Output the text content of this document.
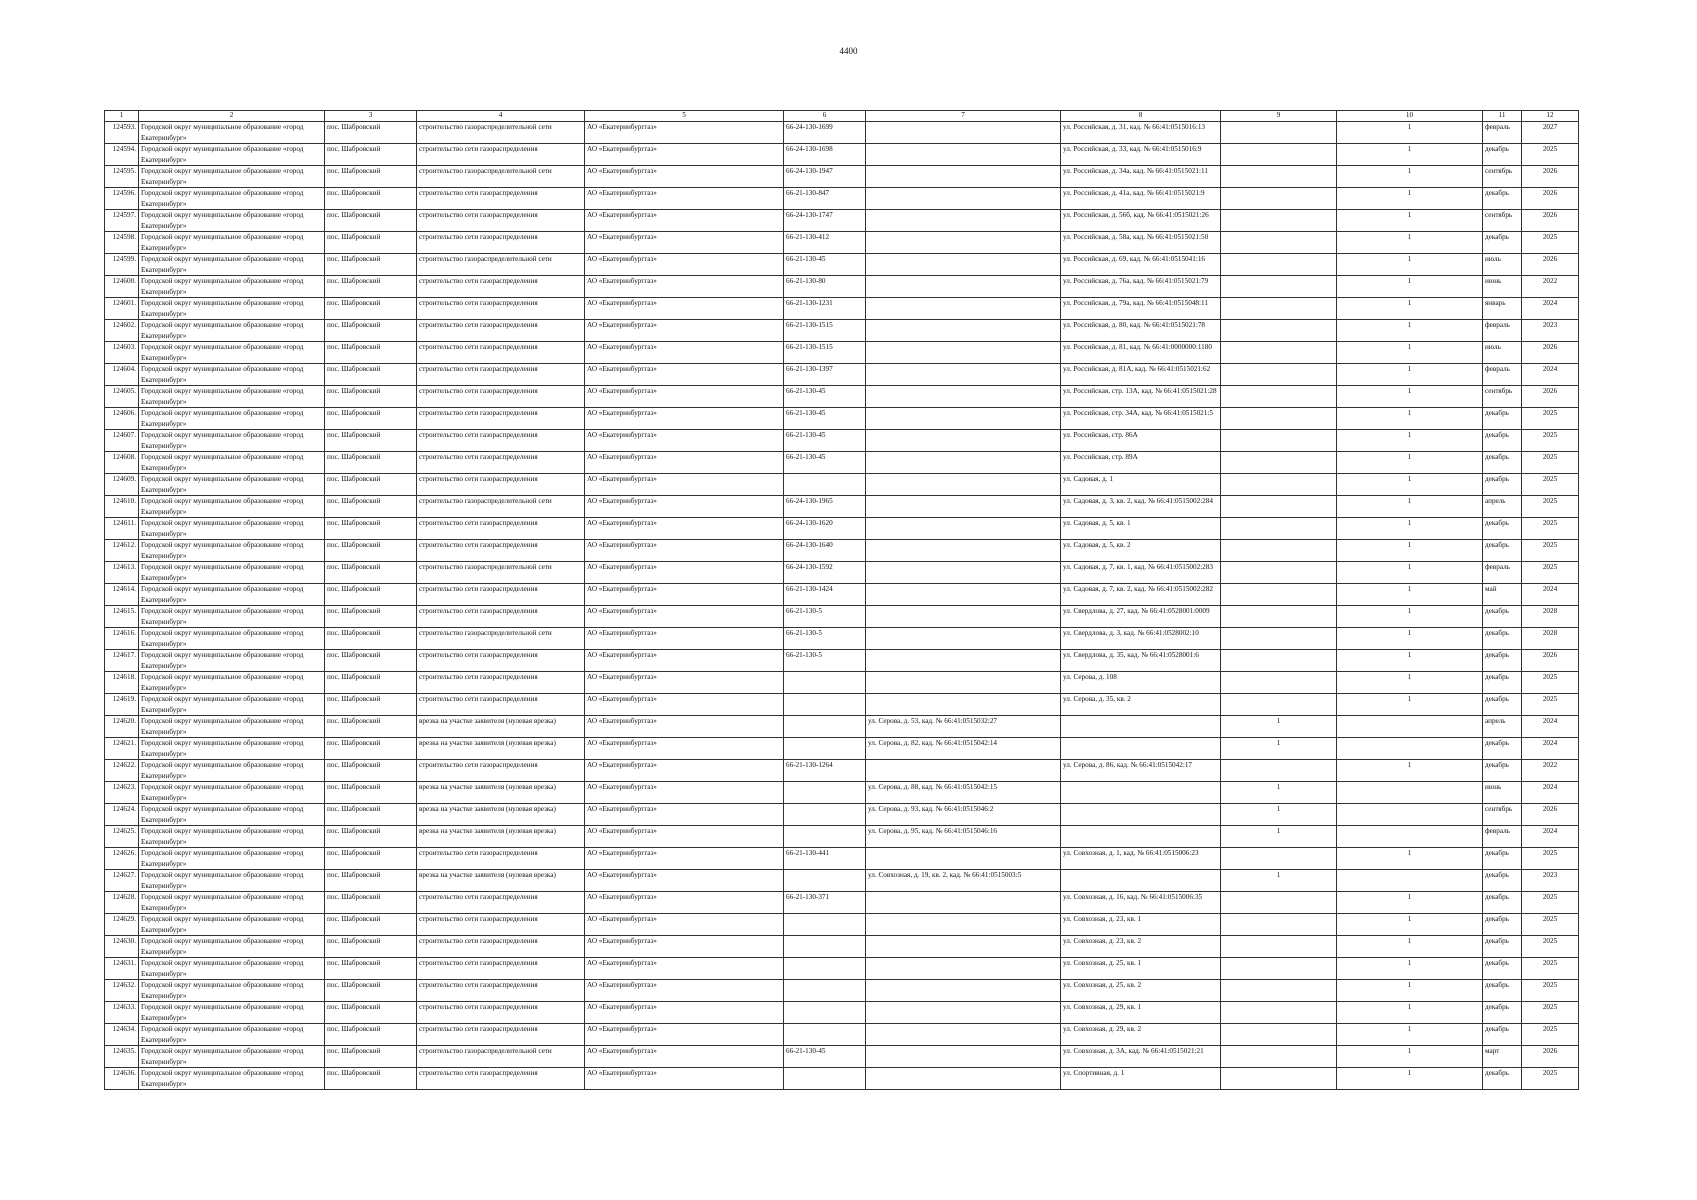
4400
1	2	3	4	5	6	7	8	9	10	11	12
124593.	Городской округ муниципальное образование «город Екатеринбург»	пос. Шабровский	строительство газораспределительной сети	АО «Екатеринбурггаз»	66-24-130-1699		ул. Российская, д. 31, кад. № 66:41:0515016:13		1	февраль	2027
124594.	Городской округ муниципальное образование «город Екатеринбург»	пос. Шабровский	строительство сети газораспределения	АО «Екатеринбурггаз»	66-24-130-1698		ул. Российская, д. 33, кад. № 66:41:0515016:9		1	декабрь	2025
124595.	Городской округ муниципальное образование «город Екатеринбург»	пос. Шабровский	строительство газораспределительной сети	АО «Екатеринбурггаз»	66-24-130-1947		ул. Российская, д. 34а, кад. № 66:41:0515021:11		1	сентябрь	2026
124596.	Городской округ муниципальное образование «город Екатеринбург»	пос. Шабровский	строительство сети газораспределения	АО «Екатеринбурггаз»	66-21-130-847		ул. Российская, д. 41а, кад. № 66:41:0515021:9		1	декабрь	2026
124597.	Городской округ муниципальное образование «город Екатеринбург»	пос. Шабровский	строительство сети газораспределения	АО «Екатеринбурггаз»	66-24-130-1747		ул. Российская, д. 56б, кад. № 66:41:0515021:26		1	сентябрь	2026
124598.	Городской округ муниципальное образование «город Екатеринбург»	пос. Шабровский	строительство сети газораспределения	АО «Екатеринбурггаз»	66-21-130-412		ул. Российская, д. 58а, кад. № 66:41:0515021:50		1	декабрь	2025
124599.	Городской округ муниципальное образование «город Екатеринбург»	пос. Шабровский	строительство газораспределительной сети	АО «Екатеринбурггаз»	66-21-130-45		ул. Российская, д. 69, кад. № 66:41:0515041:16		1	июль	2026
124600.	Городской округ муниципальное образование «город Екатеринбург»	пос. Шабровский	строительство сети газораспределения	АО «Екатеринбурггаз»	66-21-130-80		ул. Российская, д. 76а, кад. № 66:41:0515021:79		1	июнь	2022
124601.	Городской округ муниципальное образование «город Екатеринбург»	пос. Шабровский	строительство сети газораспределения	АО «Екатеринбурггаз»	66-21-130-1231		ул. Российская, д. 79а, кад. № 66:41:0515048:11		1	январь	2024
124602.	Городской округ муниципальное образование «город Екатеринбург»	пос. Шабровский	строительство сети газораспределения	АО «Екатеринбурггаз»	66-21-130-1515		ул. Российская, д. 80, кад. № 66:41:0515021:78		1	февраль	2023
124603.	Городской округ муниципальное образование «город Екатеринбург»	пос. Шабровский	строительство сети газораспределения	АО «Екатеринбурггаз»	66-21-130-1515		ул. Российская, д. 81, кад. № 66:41:0000000:1180		1	июль	2026
124604.	Городской округ муниципальное образование «город Екатеринбург»	пос. Шабровский	строительство сети газораспределения	АО «Екатеринбурггаз»	66-21-130-1397		ул. Российская, д. 81А, кад. № 66:41:0515021:62		1	февраль	2024
124605.	Городской округ муниципальное образование «город Екатеринбург»	пос. Шабровский	строительство сети газораспределения	АО «Екатеринбурггаз»	66-21-130-45		ул. Российская, стр. 13А, кад. № 66:41:0515021:28		1	сентябрь	2026
124606.	Городской округ муниципальное образование «город Екатеринбург»	пос. Шабровский	строительство сети газораспределения	АО «Екатеринбурггаз»	66-21-130-45		ул. Российская, стр. 34А, кад. № 66:41:0515021:5		1	декабрь	2025
124607.	Городской округ муниципальное образование «город Екатеринбург»	пос. Шабровский	строительство сети газораспределения	АО «Екатеринбурггаз»	66-21-130-45		ул. Российская, стр. 86А		1	декабрь	2025
124608.	Городской округ муниципальное образование «город Екатеринбург»	пос. Шабровский	строительство сети газораспределения	АО «Екатеринбурггаз»	66-21-130-45		ул. Российская, стр. 89А		1	декабрь	2025
124609.	Городской округ муниципальное образование «город Екатеринбург»	пос. Шабровский	строительство сети газораспределения	АО «Екатеринбурггаз»			ул. Садовая, д. 1		1	декабрь	2025
124610.	Городской округ муниципальное образование «город Екатеринбург»	пос. Шабровский	строительство газораспределительной сети	АО «Екатеринбурггаз»	66-24-130-1965		ул. Садовая, д. 3, кв. 2, кад. № 66:41:0515002:284		1	апрель	2025
124611.	Городской округ муниципальное образование «город Екатеринбург»	пос. Шабровский	строительство сети газораспределения	АО «Екатеринбурггаз»	66-24-130-1620		ул. Садовая, д. 5, кв. 1		1	декабрь	2025
124612.	Городской округ муниципальное образование «город Екатеринбург»	пос. Шабровский	строительство сети газораспределения	АО «Екатеринбурггаз»	66-24-130-1640		ул. Садовая, д. 5, кв. 2		1	декабрь	2025
124613.	Городской округ муниципальное образование «город Екатеринбург»	пос. Шабровский	строительство газораспределительной сети	АО «Екатеринбурггаз»	66-24-130-1592		ул. Садовая, д. 7, кв. 1, кад. № 66:41:0515002:283		1	февраль	2025
124614.	Городской округ муниципальное образование «город Екатеринбург»	пос. Шабровский	строительство сети газораспределения	АО «Екатеринбурггаз»	66-21-130-1424		ул. Садовая, д. 7, кв. 2, кад. № 66:41:0515002:282		1	май	2024
124615.	Городской округ муниципальное образование «город Екатеринбург»	пос. Шабровский	строительство сети газораспределения	АО «Екатеринбурггаз»	66-21-130-5		ул. Свердлова, д. 27, кад. № 66:41:0528001:0009		1	декабрь	2028
124616.	Городской округ муниципальное образование «город Екатеринбург»	пос. Шабровский	строительство газораспределительной сети	АО «Екатеринбурггаз»	66-21-130-5		ул. Свердлова, д. 3, кад. № 66:41:0528002:10		1	декабрь	2028
124617.	Городской округ муниципальное образование «город Екатеринбург»	пос. Шабровский	строительство сети газораспределения	АО «Екатеринбурггаз»	66-21-130-5		ул. Свердлова, д. 35, кад. № 66:41:0528001:6		1	декабрь	2026
124618.	Городской округ муниципальное образование «город Екатеринбург»	пос. Шабровский	строительство сети газораспределения	АО «Екатеринбурггаз»			ул. Серова, д. 108		1	декабрь	2025
124619.	Городской округ муниципальное образование «город Екатеринбург»	пос. Шабровский	строительство сети газораспределения	АО «Екатеринбурггаз»			ул. Серова, д. 35, кв. 2		1	декабрь	2025
124620.	Городской округ муниципальное образование «город Екатеринбург»	пос. Шабровский	врезка на участке заявителя (нулевая врезка)	АО «Екатеринбурггаз»		ул. Серова, д. 53, кад. № 66:41:0515032:27		1		апрель	2024
124621.	Городской округ муниципальное образование «город Екатеринбург»	пос. Шабровский	врезка на участке заявителя (нулевая врезка)	АО «Екатеринбурггаз»		ул. Серова, д. 82, кад. № 66:41:0515042:14		1		декабрь	2024
124622.	Городской округ муниципальное образование «город Екатеринбург»	пос. Шабровский	строительство сети газораспределения	АО «Екатеринбурггаз»	66-21-130-1264		ул. Серова, д. 86, кад. № 66:41:0515042:17		1	декабрь	2022
124623.	Городской округ муниципальное образование «город Екатеринбург»	пос. Шабровский	врезка на участке заявителя (нулевая врезка)	АО «Екатеринбурггаз»		ул. Серова, д. 88, кад. № 66:41:0515042:15		1		июнь	2024
124624.	Городской округ муниципальное образование «город Екатеринбург»	пос. Шабровский	врезка на участке заявителя (нулевая врезка)	АО «Екатеринбурггаз»		ул. Серова, д. 93, кад. № 66:41:0515046:2		1		сентябрь	2026
124625.	Городской округ муниципальное образование «город Екатеринбург»	пос. Шабровский	врезка на участке заявителя (нулевая врезка)	АО «Екатеринбурггаз»		ул. Серова, д. 95, кад. № 66:41:0515046:16		1		февраль	2024
124626.	Городской округ муниципальное образование «город Екатеринбург»	пос. Шабровский	строительство сети газораспределения	АО «Екатеринбурггаз»	66-21-130-441		ул. Совхозная, д. 1, кад. № 66:41:0515006:23		1	декабрь	2025
124627.	Городской округ муниципальное образование «город Екатеринбург»	пос. Шабровский	врезка на участке заявителя (нулевая врезка)	АО «Екатеринбурггаз»		ул. Совхозная, д. 19, кв. 2, кад. № 66:41:0515003:5		1		декабрь	2023
124628.	Городской округ муниципальное образование «город Екатеринбург»	пос. Шабровский	строительство сети газораспределения	АО «Екатеринбурггаз»	66-21-130-371		ул. Совхозная, д. 16, кад. № 66:41:0515006:35		1	декабрь	2025
124629.	Городской округ муниципальное образование «город Екатеринбург»	пос. Шабровский	строительство сети газораспределения	АО «Екатеринбурггаз»			ул. Совхозная, д. 23, кв. 1		1	декабрь	2025
124630.	Городской округ муниципальное образование «город Екатеринбург»	пос. Шабровский	строительство сети газораспределения	АО «Екатеринбурггаз»			ул. Совхозная, д. 23, кв. 2		1	декабрь	2025
124631.	Городской округ муниципальное образование «город Екатеринбург»	пос. Шабровский	строительство сети газораспределения	АО «Екатеринбурггаз»			ул. Совхозная, д. 25, кв. 1		1	декабрь	2025
124632.	Городской округ муниципальное образование «город Екатеринбург»	пос. Шабровский	строительство сети газораспределения	АО «Екатеринбурггаз»			ул. Совхозная, д. 25, кв. 2		1	декабрь	2025
124633.	Городской округ муниципальное образование «город Екатеринбург»	пос. Шабровский	строительство сети газораспределения	АО «Екатеринбурггаз»			ул. Совхозная, д. 29, кв. 1		1	декабрь	2025
124634.	Городской округ муниципальное образование «город Екатеринбург»	пос. Шабровский	строительство сети газораспределения	АО «Екатеринбурггаз»			ул. Совхозная, д. 29, кв. 2		1	декабрь	2025
124635.	Городской округ муниципальное образование «город Екатеринбург»	пос. Шабровский	строительство газораспределительной сети	АО «Екатеринбурггаз»	66-21-130-45		ул. Совхозная, д. 3А, кад. № 66:41:0515021:21		1	март	2026
124636.	Городской округ муниципальное образование «город Екатеринбург»	пос. Шабровский	строительство сети газораспределения	АО «Екатеринбурггаз»			ул. Спортивная, д. 1		1	декабрь	2025
